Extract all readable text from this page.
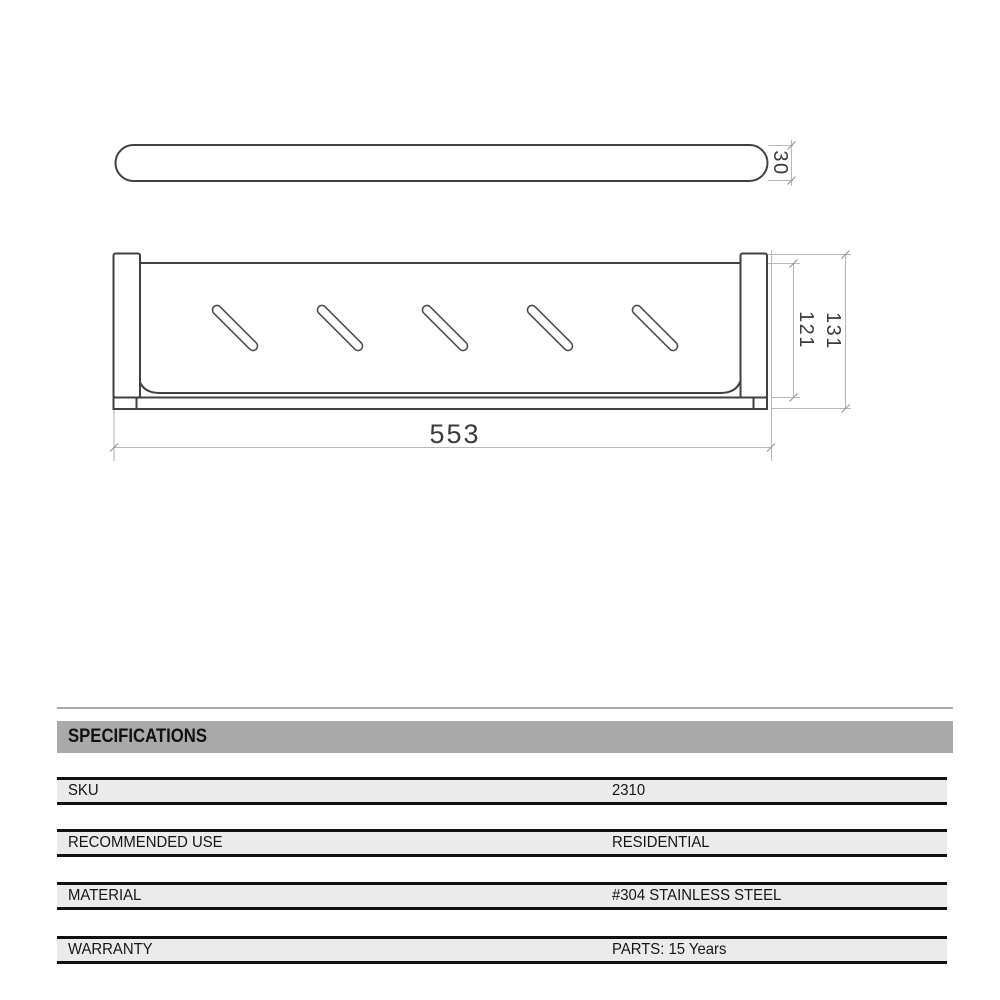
30
121 131
553
SPECIFICATIONS
SKU	2310
RECOMMENDED USE	RESIDENTIAL
MATERIAL	#304 STAINLESS STEEL
WARRANTY	PARTS: 15 Years
